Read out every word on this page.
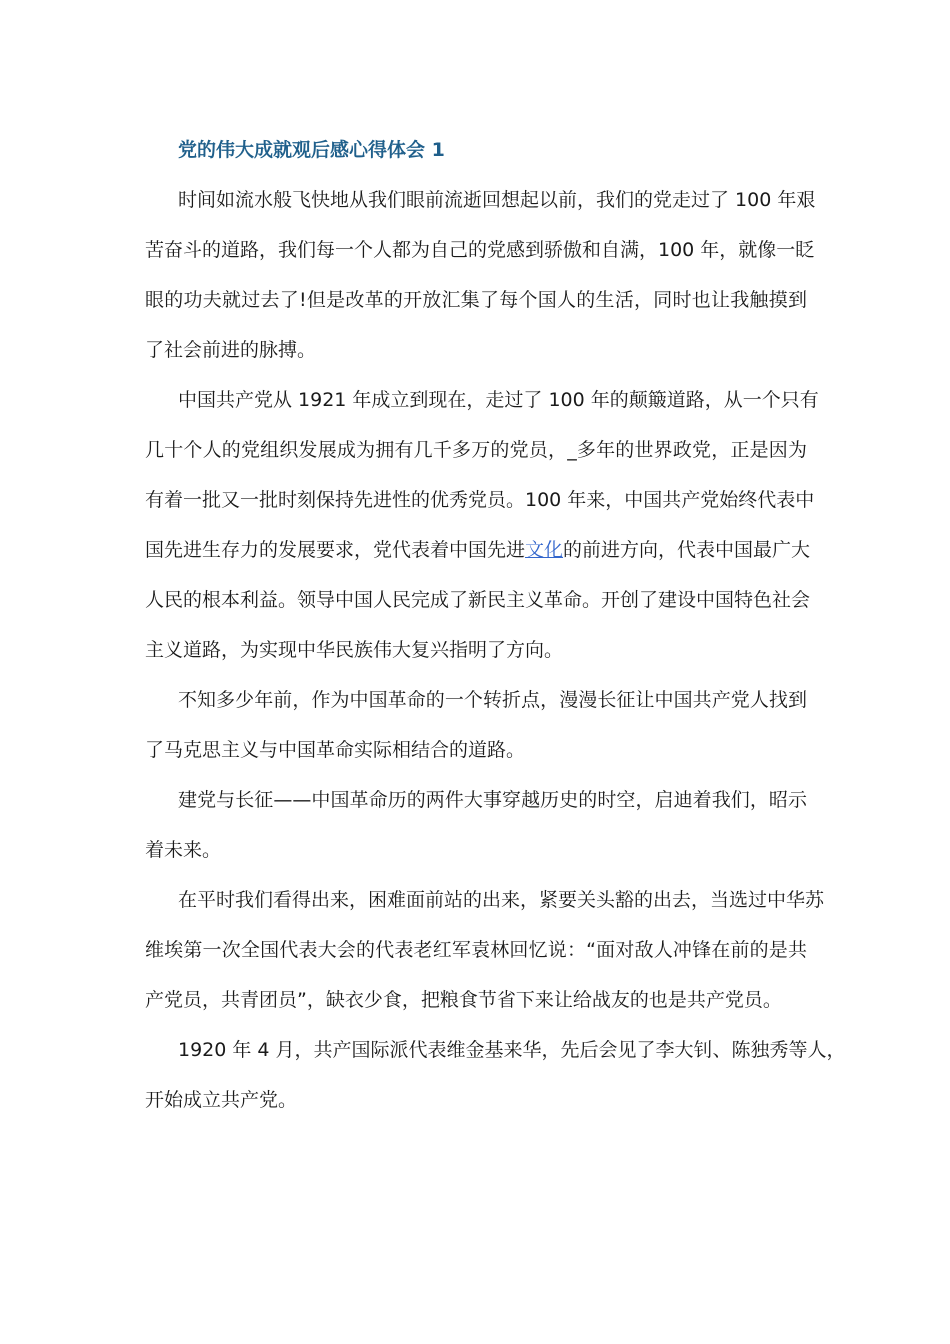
党的伟大成就观后感心得体会 1
时间如流水般飞快地从我们眼前流逝回想起以前，我们的党走过了 100 年艰
苦奋斗的道路，我们每一个人都为自己的党感到骄傲和自满，100 年，就像一眨
眼的功夫就过去了!但是改革的开放汇集了每个国人的生活，同时也让我触摸到
了社会前进的脉搏。
中国共产党从 1921 年成立到现在，走过了 100 年的颠簸道路，从一个只有
几十个人的党组织发展成为拥有几千多万的党员，_多年的世界政党，正是因为
有着一批又一批时刻保持先进性的优秀党员。100 年来，中国共产党始终代表中
国先进生存力的发展要求，党代表着中国先进文化的前进方向，代表中国最广大
人民的根本利益。领导中国人民完成了新民主义革命。开创了建设中国特色社会
主义道路，为实现中华民族伟大复兴指明了方向。
不知多少年前，作为中国革命的一个转折点，漫漫长征让中国共产党人找到
了马克思主义与中国革命实际相结合的道路。
建党与长征——中国革命历的两件大事穿越历史的时空，启迪着我们，昭示
着未来。
在平时我们看得出来，困难面前站的出来，紧要关头豁的出去，当选过中华苏
维埃第一次全国代表大会的代表老红军袁林回忆说：“面对敌人冲锋在前的是共
产党员，共青团员”，缺衣少食，把粮食节省下来让给战友的也是共产党员。
1920 年 4 月，共产国际派代表维金基来华，先后会见了李大钊、陈独秀等人，
开始成立共产党。
